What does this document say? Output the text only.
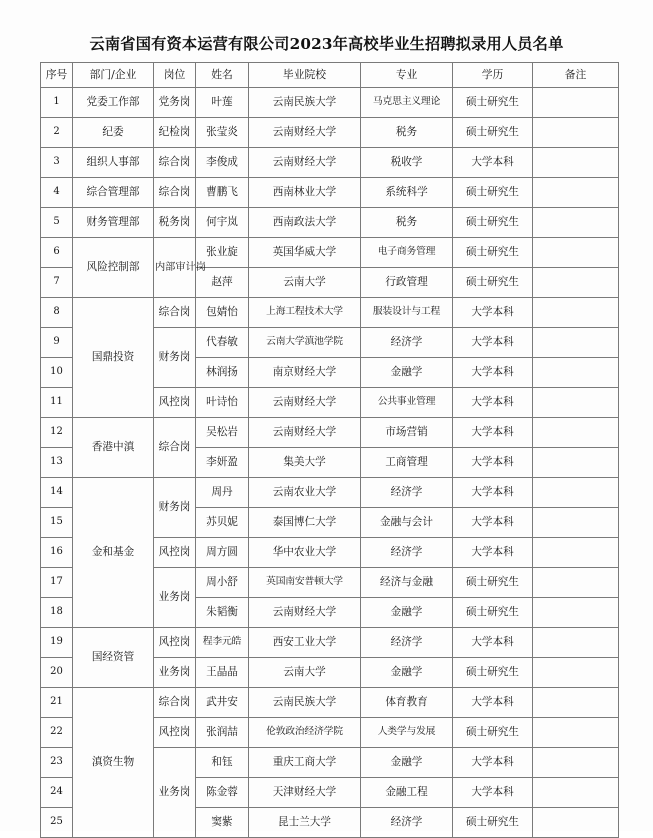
云南省国有资本运营有限公司2023年高校毕业生招聘拟录用人员名单
序号	部门/企业	岗位	姓名	毕业院校	专业	学历	备注
1	党委工作部	党务岗	叶莲	云南民族大学	马克思主义理论	硕士研究生	
2	纪委	纪检岗	张莹炎	云南财经大学	税务	硕士研究生	
3	组织人事部	综合岗	李俊成	云南财经大学	税收学	大学本科	
4	综合管理部	综合岗	曹鹏飞	西南林业大学	系统科学	硕士研究生	
5	财务管理部	税务岗	何宇岚	西南政法大学	税务	硕士研究生	
6	风险控制部	内部审计岗	张业旋	英国华威大学	电子商务管理	硕士研究生	
7			赵萍	云南大学	行政管理	硕士研究生	
8	国鼎投资	综合岗	包婧怡	上海工程技术大学	服装设计与工程	大学本科	
9		财务岗	代春敏	云南大学滇池学院	经济学	大学本科	
10			林润扬	南京财经大学	金融学	大学本科	
11		风控岗	叶诗怡	云南财经大学	公共事业管理	大学本科	
12	香港中滇	综合岗	吴松岩	云南财经大学	市场营销	大学本科	
13			李妍盈	集美大学	工商管理	大学本科	
14	金和基金	财务岗	周丹	云南农业大学	经济学	大学本科	
15			苏贝妮	泰国博仁大学	金融与会计	大学本科	
16		风控岗	周方圆	华中农业大学	经济学	大学本科	
17		业务岗	周小舒	英国南安普顿大学	经济与金融	硕士研究生	
18			朱韬衡	云南财经大学	金融学	硕士研究生	
19	国经资管	风控岗	程李元皓	西安工业大学	经济学	大学本科	
20		业务岗	王晶晶	云南大学	金融学	硕士研究生	
21	滇资生物	综合岗	武井安	云南民族大学	体育教育	大学本科	
22		风控岗	张润喆	伦敦政治经济学院	人类学与发展	硕士研究生	
23		业务岗	和钰	重庆工商大学	金融学	大学本科	
24			陈金蓉	天津财经大学	金融工程	大学本科	
25			窦紫	昆士兰大学	经济学	硕士研究生	
